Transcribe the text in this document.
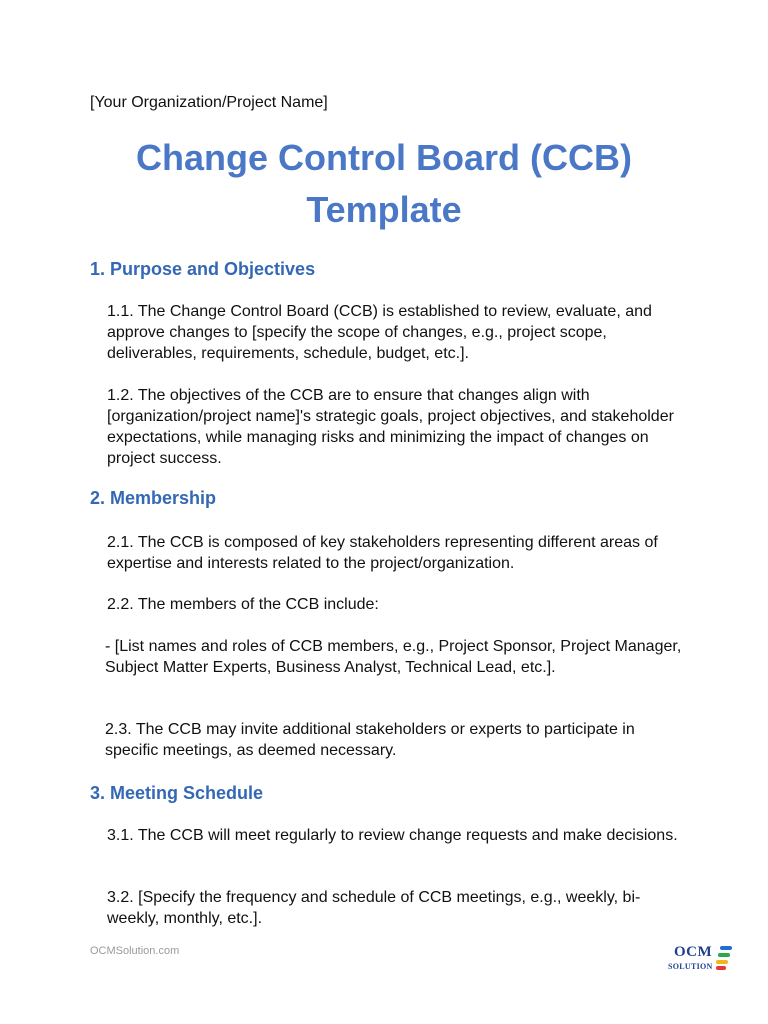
[Your Organization/Project Name]

Change Control Board (CCB)
Template
1. Purpose and Objectives

1.1. The Change Control Board (CCB) is established to review, evaluate, and approve changes to [specify the scope of changes, e.g., project scope, deliverables, requirements, schedule, budget, etc.].

1.2. The objectives of the CCB are to ensure that changes align with [organization/project name]'s strategic goals, project objectives, and stakeholder expectations, while managing risks and minimizing the impact of changes on project success.

2. Membership

2.1. The CCB is composed of key stakeholders representing different areas of expertise and interests related to the project/organization.

2.2. The members of the CCB include:

- [List names and roles of CCB members, e.g., Project Sponsor, Project Manager, Subject Matter Experts, Business Analyst, Technical Lead, etc.].

2.3. The CCB may invite additional stakeholders or experts to participate in specific meetings, as deemed necessary.

3. Meeting Schedule

3.1. The CCB will meet regularly to review change requests and make decisions.

3.2. [Specify the frequency and schedule of CCB meetings, e.g., weekly, bi-weekly, monthly, etc.].

OCMSolution.com	OCM
SOLUTION
